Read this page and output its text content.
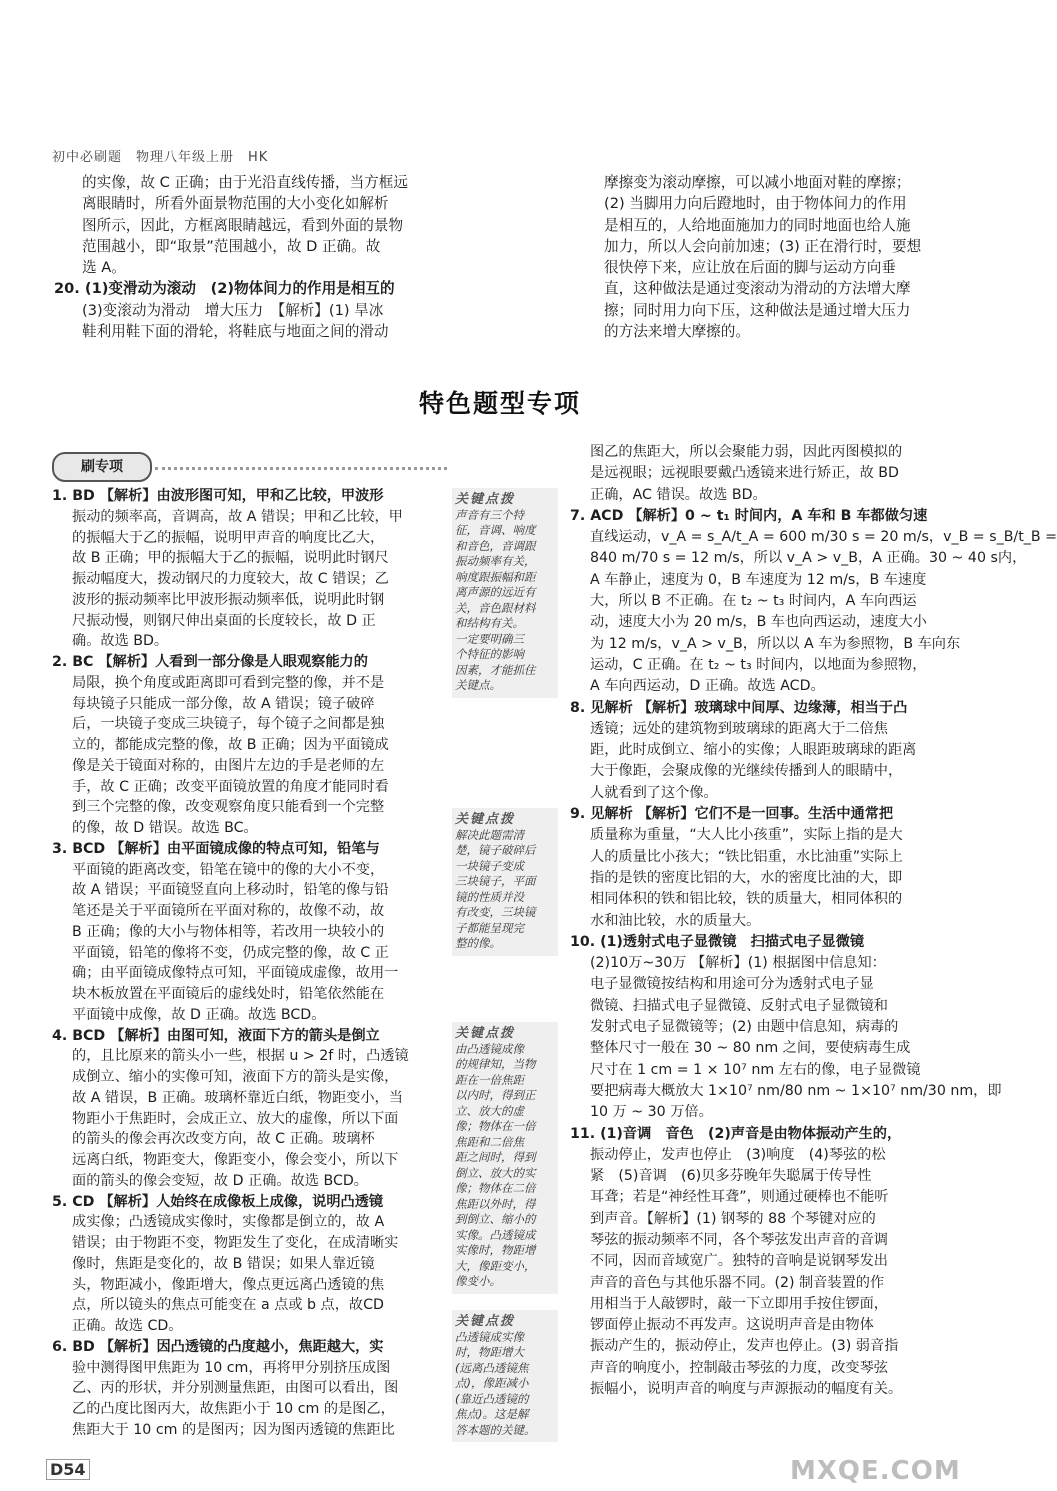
初中必刷题　物理八年级上册　HK
的实像，故 C 正确；由于光沿直线传播，当方框远
离眼睛时，所看外面景物范围的大小变化如解析
图所示，因此，方框离眼睛越远，看到外面的景物
范围越小，即“取景”范围越小，故 D 正确。故
选 A。
20. (1)变滑动为滚动　(2)物体间力的作用是相互的
(3)变滚动为滑动　增大压力　【解析】(1) 旱冰
鞋利用鞋下面的滑轮，将鞋底与地面之间的滑动
摩擦变为滚动摩擦，可以减小地面对鞋的摩擦；
(2) 当脚用力向后蹬地时，由于物体间力的作用
是相互的，人给地面施加力的同时地面也给人施
加力，所以人会向前加速；(3) 正在滑行时，要想
很快停下来，应让放在后面的脚与运动方向垂
直，这种做法是通过变滚动为滑动的方法增大摩
擦；同时用力向下压，这种做法是通过增大压力
的方法来增大摩擦的。
特色题型专项
刷专项
1. BD 【解析】由波形图可知，甲和乙比较，甲波形
振动的频率高，音调高，故 A 错误；甲和乙比较，甲
的振幅大于乙的振幅，说明甲声音的响度比乙大，
故 B 正确；甲的振幅大于乙的振幅，说明此时钢尺
振动幅度大，拨动钢尺的力度较大，故 C 错误；乙
波形的振动频率比甲波形振动频率低，说明此时钢
尺振动慢，则钢尺伸出桌面的长度较长，故 D 正
确。故选 BD。
2. BC 【解析】人看到一部分像是人眼观察能力的
局限，换个角度或距离即可看到完整的像，并不是
每块镜子只能成一部分像，故 A 错误；镜子破碎
后，一块镜子变成三块镜子，每个镜子之间都是独
立的，都能成完整的像，故 B 正确；因为平面镜成
像是关于镜面对称的，由图片左边的手是老师的左
手，故 C 正确；改变平面镜放置的角度才能同时看
到三个完整的像，改变观察角度只能看到一个完整
的像，故 D 错误。故选 BC。
3. BCD 【解析】由平面镜成像的特点可知，铅笔与
平面镜的距离改变，铅笔在镜中的像的大小不变，
故 A 错误；平面镜竖直向上移动时，铅笔的像与铅
笔还是关于平面镜所在平面对称的，故像不动，故
B 正确；像的大小与物体相等，若改用一块较小的
平面镜，铅笔的像将不变，仍成完整的像，故 C 正
确；由平面镜成像特点可知，平面镜成虚像，故用一
块木板放置在平面镜后的虚线处时，铅笔依然能在
平面镜中成像，故 D 正确。故选 BCD。
4. BCD 【解析】由图可知，液面下方的箭头是倒立
的，且比原来的箭头小一些，根据 u > 2f 时，凸透镜
成倒立、缩小的实像可知，液面下方的箭头是实像，
故 A 错误，B 正确。玻璃杯靠近白纸，物距变小，当
物距小于焦距时，会成正立、放大的虚像，所以下面
的箭头的像会再次改变方向，故 C 正确。玻璃杯
远离白纸，物距变大，像距变小，像会变小，所以下
面的箭头的像会变短，故 D 正确。故选 BCD。
5. CD 【解析】人始终在成像板上成像，说明凸透镜
成实像；凸透镜成实像时，实像都是倒立的，故 A
错误；由于物距不变，物距发生了变化，在成清晰实
像时，焦距是变化的，故 B 错误；如果人靠近镜
头，物距减小，像距增大，像点更远离凸透镜的焦
点，所以镜头的焦点可能变在 a 点或 b 点，故CD
正确。故选 CD。
6. BD 【解析】因凸透镜的凸度越小，焦距越大，实
验中测得图甲焦距为 10 cm，再将甲分别挤压成图
乙、丙的形状，并分别测量焦距，由图可以看出，图
乙的凸度比图丙大，故焦距小于 10 cm 的是图乙，
焦距大于 10 cm 的是图丙；因为图丙透镜的焦距比
图乙的焦距大，所以会聚能力弱，因此丙图模拟的
是远视眼；远视眼要戴凸透镜来进行矫正，故 BD
正确，AC 错误。故选 BD。
7. ACD 【解析】0 ~ t₁ 时间内，A 车和 B 车都做匀速
直线运动，v_A = s_A/t_A = 600 m/30 s = 20 m/s，v_B = s_B/t_B =
840 m/70 s = 12 m/s，所以 v_A > v_B，A 正确。30 ~ 40 s内，
A 车静止，速度为 0，B 车速度为 12 m/s，B 车速度
大，所以 B 不正确。在 t₂ ~ t₃ 时间内，A 车向西运
动，速度大小为 20 m/s，B 车也向西运动，速度大小
为 12 m/s，v_A > v_B，所以以 A 车为参照物，B 车向东
运动，C 正确。在 t₂ ~ t₃ 时间内，以地面为参照物，
A 车向西运动，D 正确。故选 ACD。
8. 见解析 【解析】玻璃球中间厚、边缘薄，相当于凸
透镜；远处的建筑物到玻璃球的距离大于二倍焦
距，此时成倒立、缩小的实像；人眼距玻璃球的距离
大于像距，会聚成像的光继续传播到人的眼睛中，
人就看到了这个像。
9. 见解析 【解析】它们不是一回事。生活中通常把
质量称为重量，“大人比小孩重”，实际上指的是大
人的质量比小孩大；“铁比铝重，水比油重”实际上
指的是铁的密度比铝的大，水的密度比油的大，即
相同体积的铁和铝比较，铁的质量大，相同体积的
水和油比较，水的质量大。
10. (1)透射式电子显微镜　扫描式电子显微镜
(2)10万~30万 【解析】(1) 根据图中信息知：
电子显微镜按结构和用途可分为透射式电子显
微镜、扫描式电子显微镜、反射式电子显微镜和
发射式电子显微镜等；(2) 由题中信息知，病毒的
整体尺寸一般在 30 ~ 80 nm 之间，要使病毒生成
尺寸在 1 cm = 1 × 10⁷ nm 左右的像，电子显微镜
要把病毒大概放大 1×10⁷ nm/80 nm ~ 1×10⁷ nm/30 nm，即
10 万 ~ 30 万倍。
11. (1)音调　音色　(2)声音是由物体振动产生的，
振动停止，发声也停止　(3)响度　(4)琴弦的松
紧　(5)音调　(6)贝多芬晚年失聪属于传导性
耳聋；若是“神经性耳聋”，则通过硬棒也不能听
到声音。【解析】(1) 钢琴的 88 个琴键对应的
琴弦的振动频率不同，各个琴弦发出声音的音调
不同，因而音域宽广。独特的音响是说钢琴发出
声音的音色与其他乐器不同。(2) 制音装置的作
用相当于人敲锣时，敲一下立即用手按住锣面，
锣面停止振动不再发声。这说明声音是由物体
振动产生的，振动停止，发声也停止。(3) 弱音指
声音的响度小，控制敲击琴弦的力度，改变琴弦
振幅小，说明声音的响度与声源振动的幅度有关。
关键点拨
声音有三个特
征，音调、响度
和音色，音调跟
振动频率有关，
响度跟振幅和距
离声源的远近有
关，音色跟材料
和结构有关。
一定要明确三
个特征的影响
因素，才能抓住
关键点。
关键点拨
解决此题需清
楚，镜子破碎后
一块镜子变成
三块镜子，平面
镜的性质并没
有改变，三块镜
子都能呈现完
整的像。
关键点拨
由凸透镜成像
的规律知，当物
距在一倍焦距
以内时，得到正
立、放大的虚
像；物体在一倍
焦距和二倍焦
距之间时，得到
倒立、放大的实
像；物体在二倍
焦距以外时，得
到倒立、缩小的
实像。凸透镜成
实像时，物距增
大，像距变小，
像变小。
关键点拨
凸透镜成实像
时，物距增大
(远离凸透镜焦
点)，像距减小
(靠近凸透镜的
焦点)。这是解
答本题的关键。
D54	MXQE.COM
